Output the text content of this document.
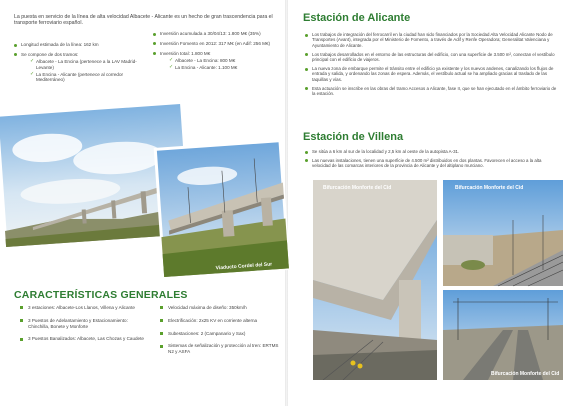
La puesta en servicio de la línea de alta velocidad Albacete - Alicante es un hecho de gran trascendencia para el transporte ferroviario español.

Longitud estimada de la línea: 162 km
Se compone de dos tramos:
✓ Albacete - La Encina (pertenece a la LAV Madrid-Levante)
✓ La Encina - Alicante (pertenece al corredor Mediterráneo)
Inversión acumulada a 30/04/13: 1.800 M€ (35%)
Inversión Fomento en 2012: 317 M€ (en Adif: 256 M€)
Inversión total: 1.800 M€
✓ Albacete - La Encina: 800 M€
✓ La Encina - Alicante: 1.100 M€
Viaducto Cordel del Sur
CARACTERÍSTICAS GENERALES
3 estaciones: Albacete-Los Llanos, Villena y Alicante
3 Puestos de Adelantamiento y Estacionamiento: Chinchilla, Bonete y Monforte
3 Puestos Banalizados: Albacete, Las Chozas y Caudete
Velocidad máxima de diseño: 350km/h
Electrificación: 2x25 KV en corriente alterna
Subestaciones: 2 (Campanario y Sax)
Sistemas de señalización y protección al tren: ERTMS N2 y ASFA
Estación de Alicante
Los trabajos de integración del ferrocarril en la ciudad han sido financiados por la Sociedad Alta Velocidad Alicante Nodo de Transportes (Avant), integrada por el Ministerio de Fomento, a través de Adif y Renfe Operadora; Generalitat Valenciana y Ayuntamiento de Alicante.
Los trabajos desarrollados en el entorno de las estructuras del edificio, con una superficie de 3.500 m², conectan el vestíbulo principal con el edificio de viajeros.
La nueva zona de embarque permite el tránsito entre el edificio ya existente y los nuevos andenes, canalizando los flujos de entrada y salida, y ordenando las zonas de espera. Además, el vestíbulo actual se ha ampliado gracias al traslado de las taquillas y vías.
Esta actuación se inscribe en las obras del tramo Accesos a Alicante, fase II, que se han ejecutado en el ámbito ferroviario de la estación.
Estación de Villena
Se sitúa a 6 km al sur de la localidad y 2,5 km al oeste de la autopista A-31.
Las nuevas instalaciones, tienen una superficie de 4.500 m² distribuidos en dos plantas. Favorecen el acceso a la alta velocidad de las comarcas interiores de la provincia de Alicante y del altiplano murciano.
Bifurcación Monforte del Cid	Bifurcación Monforte del Cid
Bifurcación Monforte del Cid
